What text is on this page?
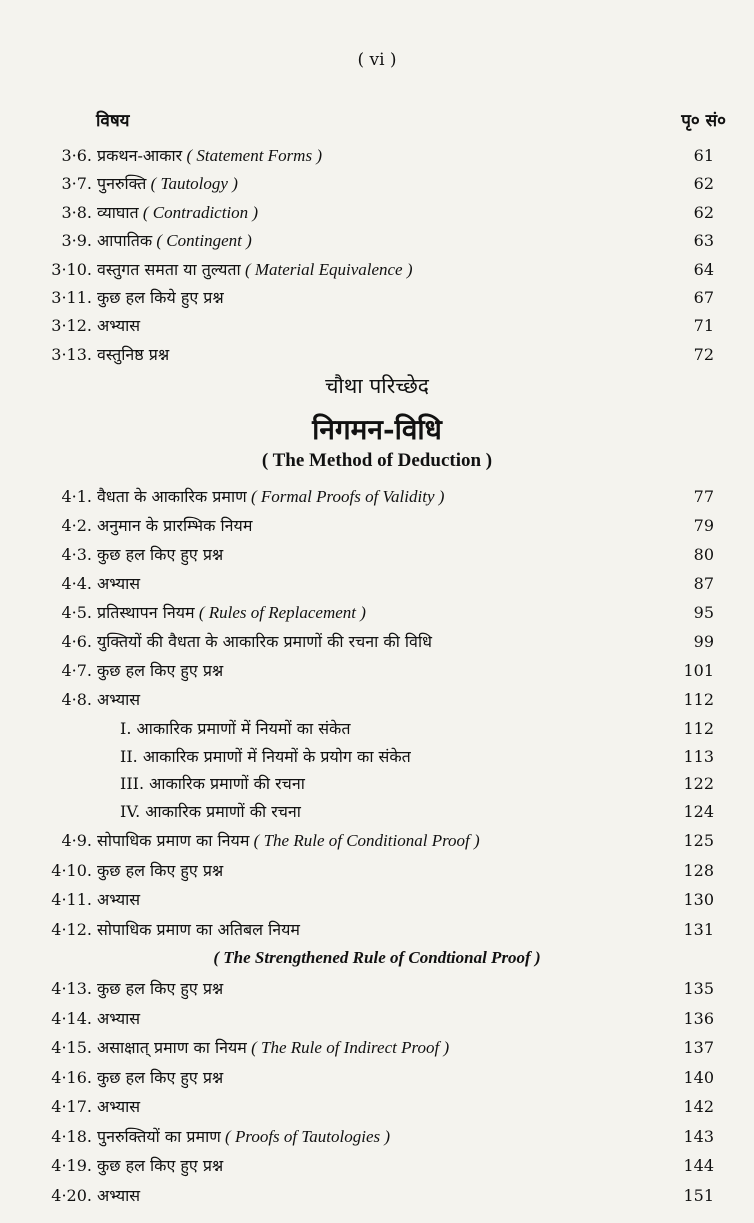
( vi )
विषय	पृ० सं०
3·6. प्रकथन-आकार ( Statement Forms )	61
3·7. पुनरुक्ति ( Tautology )	62
3·8. व्याघात ( Contradiction )	62
3·9. आपातिक ( Contingent )	63
3·10. वस्तुगत समता या तुल्यता ( Material Equivalence )	64
3·11. कुछ हल किये हुए प्रश्न	67
3·12. अभ्यास	71
3·13. वस्तुनिष्ठ प्रश्न	72
चौथा परिच्छेद
निगमन-विधि
( The Method of Deduction )
4·1. वैधता के आकारिक प्रमाण ( Formal Proofs of Validity )	77
4·2. अनुमान के प्रारम्भिक नियम	79
4·3. कुछ हल किए हुए प्रश्न	80
4·4. अभ्यास	87
4·5. प्रतिस्थापन नियम ( Rules of Replacement )	95
4·6. युक्तियों की वैधता के आकारिक प्रमाणों की रचना की विधि	99
4·7. कुछ हल किए हुए प्रश्न	101
4·8. अभ्यास	112
I. आकारिक प्रमाणों में नियमों का संकेत	112
II. आकारिक प्रमाणों में नियमों के प्रयोग का संकेत	113
III. आकारिक प्रमाणों की रचना	122
IV. आकारिक प्रमाणों की रचना	124
4·9. सोपाधिक प्रमाण का नियम ( The Rule of Conditional Proof )	125
4·10. कुछ हल किए हुए प्रश्न	128
4·11. अभ्यास	130
4·12. सोपाधिक प्रमाण का अतिबल नियम	131
4·13. कुछ हल किए हुए प्रश्न	135
4·14. अभ्यास	136
4·15. असाक्षात् प्रमाण का नियम ( The Rule of Indirect Proof )	137
4·16. कुछ हल किए हुए प्रश्न	140
4·17. अभ्यास	142
4·18. पुनरुक्तियों का प्रमाण ( Proofs of Tautologies )	143
4·19. कुछ हल किए हुए प्रश्न	144
4·20. अभ्यास	151
( The Strengthened Rule of Condtional Proof )
